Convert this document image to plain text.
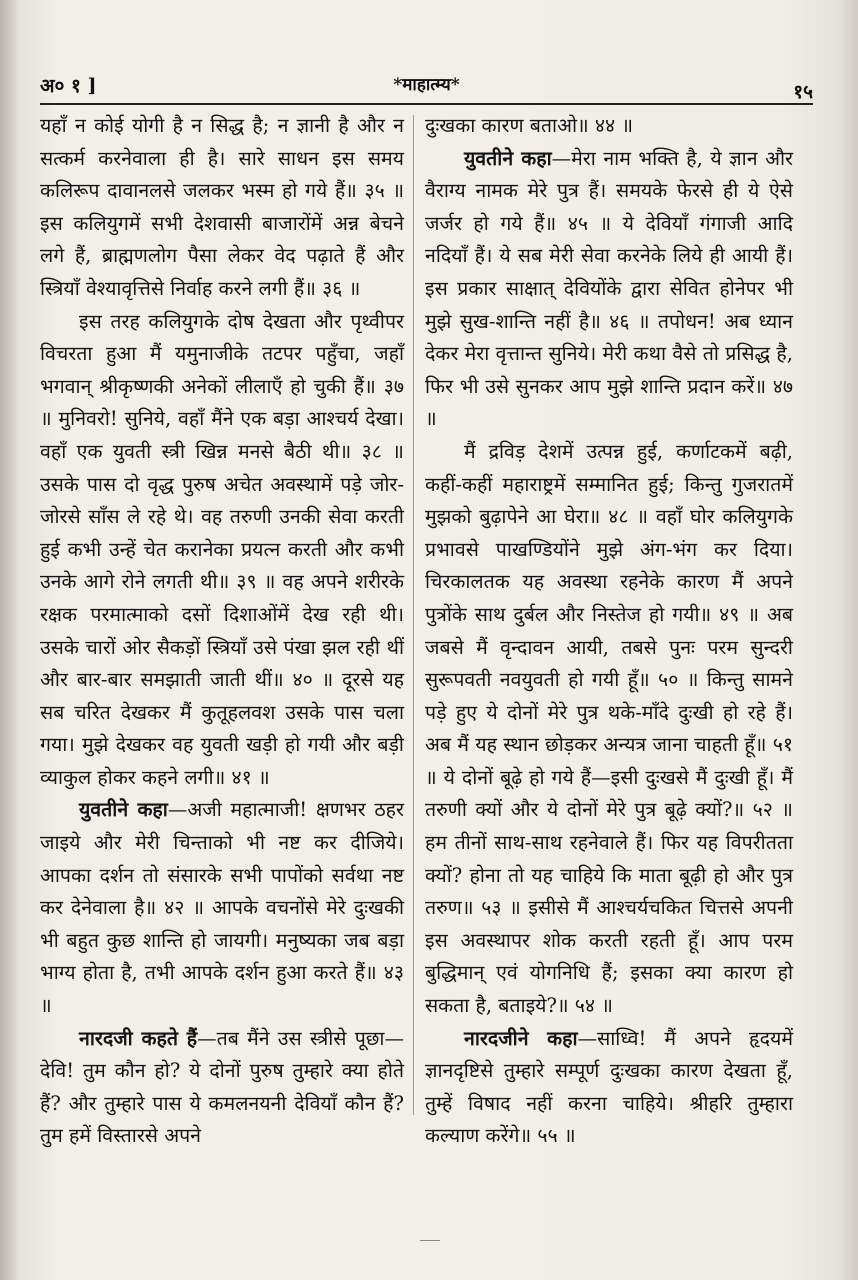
अ० १ ]	*माहात्म्य*	१५

यहाँ न कोई योगी है न सिद्ध है; न ज्ञानी है और न सत्कर्म करनेवाला ही है। सारे साधन इस समय कलिरूप दावानलसे जलकर भस्म हो गये हैं॥ ३५ ॥ इस कलियुगमें सभी देशवासी बाजारोंमें अन्न बेचने लगे हैं, ब्राह्मणलोग पैसा लेकर वेद पढ़ाते हैं और स्त्रियाँ वेश्यावृत्तिसे निर्वाह करने लगी हैं॥ ३६ ॥

इस तरह कलियुगके दोष देखता और पृथ्वीपर विचरता हुआ मैं यमुनाजीके तटपर पहुँचा, जहाँ भगवान् श्रीकृष्णकी अनेकों लीलाएँ हो चुकी हैं॥ ३७ ॥ मुनिवरो! सुनिये, वहाँ मैंने एक बड़ा आश्चर्य देखा। वहाँ एक युवती स्त्री खिन्न मनसे बैठी थी॥ ३८ ॥ उसके पास दो वृद्ध पुरुष अचेत अवस्थामें पड़े जोर-जोरसे साँस ले रहे थे। वह तरुणी उनकी सेवा करती हुई कभी उन्हें चेत करानेका प्रयत्न करती और कभी उनके आगे रोने लगती थी॥ ३९ ॥ वह अपने शरीरके रक्षक परमात्माको दसों दिशाओंमें देख रही थी। उसके चारों ओर सैकड़ों स्त्रियाँ उसे पंखा झल रही थीं और बार-बार समझाती जाती थीं॥ ४० ॥ दूरसे यह सब चरित देखकर मैं कुतूहलवश उसके पास चला गया। मुझे देखकर वह युवती खड़ी हो गयी और बड़ी व्याकुल होकर कहने लगी॥ ४१ ॥

युवतीने कहा—अजी महात्माजी! क्षणभर ठहर जाइये और मेरी चिन्ताको भी नष्ट कर दीजिये। आपका दर्शन तो संसारके सभी पापोंको सर्वथा नष्ट कर देनेवाला है॥ ४२ ॥ आपके वचनोंसे मेरे दुःखकी भी बहुत कुछ शान्ति हो जायगी। मनुष्यका जब बड़ा भाग्य होता है, तभी आपके दर्शन हुआ करते हैं॥ ४३ ॥

नारदजी कहते हैं—तब मैंने उस स्त्रीसे पूछा—देवि! तुम कौन हो? ये दोनों पुरुष तुम्हारे क्या होते हैं? और तुम्हारे पास ये कमलनयनी देवियाँ कौन हैं? तुम हमें विस्तारसे अपने

दुःखका कारण बताओ॥ ४४ ॥

युवतीने कहा—मेरा नाम भक्ति है, ये ज्ञान और वैराग्य नामक मेरे पुत्र हैं। समयके फेरसे ही ये ऐसे जर्जर हो गये हैं॥ ४५ ॥ ये देवियाँ गंगाजी आदि नदियाँ हैं। ये सब मेरी सेवा करनेके लिये ही आयी हैं। इस प्रकार साक्षात् देवियोंके द्वारा सेवित होनेपर भी मुझे सुख-शान्ति नहीं है॥ ४६ ॥ तपोधन! अब ध्यान देकर मेरा वृत्तान्त सुनिये। मेरी कथा वैसे तो प्रसिद्ध है, फिर भी उसे सुनकर आप मुझे शान्ति प्रदान करें॥ ४७ ॥

मैं द्रविड़ देशमें उत्पन्न हुई, कर्णाटकमें बढ़ी, कहीं-कहीं महाराष्ट्रमें सम्मानित हुई; किन्तु गुजरातमें मुझको बुढ़ापेने आ घेरा॥ ४८ ॥ वहाँ घोर कलियुगके प्रभावसे पाखण्डियोंने मुझे अंग-भंग कर दिया। चिरकालतक यह अवस्था रहनेके कारण मैं अपने पुत्रोंके साथ दुर्बल और निस्तेज हो गयी॥ ४९ ॥ अब जबसे मैं वृन्दावन आयी, तबसे पुनः परम सुन्दरी सुरूपवती नवयुवती हो गयी हूँ॥ ५० ॥ किन्तु सामने पड़े हुए ये दोनों मेरे पुत्र थके-माँदे दुःखी हो रहे हैं। अब मैं यह स्थान छोड़कर अन्यत्र जाना चाहती हूँ॥ ५१ ॥ ये दोनों बूढ़े हो गये हैं—इसी दुःखसे मैं दुःखी हूँ। मैं तरुणी क्यों और ये दोनों मेरे पुत्र बूढ़े क्यों?॥ ५२ ॥ हम तीनों साथ-साथ रहनेवाले हैं। फिर यह विपरीतता क्यों? होना तो यह चाहिये कि माता बूढ़ी हो और पुत्र तरुण॥ ५३ ॥ इसीसे मैं आश्चर्यचकित चित्तसे अपनी इस अवस्थापर शोक करती रहती हूँ। आप परम बुद्धिमान् एवं योगनिधि हैं; इसका क्या कारण हो सकता है, बताइये?॥ ५४ ॥

नारदजीने कहा—साध्वि! मैं अपने हृदयमें ज्ञानदृष्टिसे तुम्हारे सम्पूर्ण दुःखका कारण देखता हूँ, तुम्हें विषाद नहीं करना चाहिये। श्रीहरि तुम्हारा कल्याण करेंगे॥ ५५ ॥
